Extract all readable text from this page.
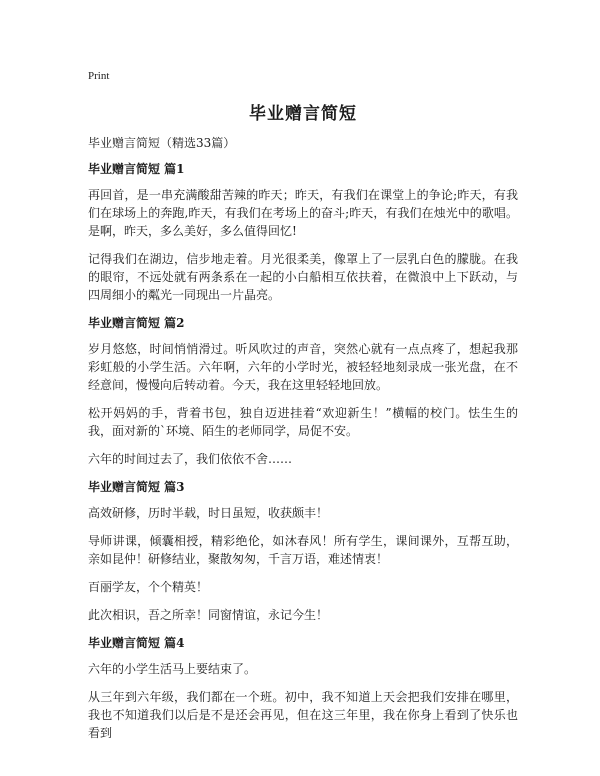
Print
毕业赠言简短

毕业赠言简短（精选33篇）

毕业赠言简短 篇1

再回首，是一串充满酸甜苦辣的昨天；昨天，有我们在课堂上的争论;昨天，有我们在球场上的奔跑,昨天，有我们在考场上的奋斗;昨天，有我们在烛光中的歌唱。是啊，昨天，多么美好，多么值得回忆!

记得我们在湖边，信步地走着。月光很柔美，像罩上了一层乳白色的朦胧。在我的眼帘，不远处就有两条系在一起的小白船相互依扶着，在微浪中上下跃动，与四周细小的粼光一同现出一片晶亮。

毕业赠言简短 篇2

岁月悠悠，时间悄悄滑过。听风吹过的声音，突然心就有一点点疼了，想起我那彩虹般的小学生活。六年啊，六年的小学时光，被轻轻地刻录成一张光盘，在不经意间，慢慢向后转动着。今天，我在这里轻轻地回放。

松开妈妈的手，背着书包，独自迈进挂着“欢迎新生！”横幅的校门。怯生生的我，面对新的`环境、陌生的老师同学，局促不安。

六年的时间过去了，我们依依不舍……

毕业赠言简短 篇3

高效研修，历时半载，时日虽短，收获颇丰！

导师讲课，倾囊相授，精彩绝伦，如沐春风！所有学生，课间课外，互帮互助，亲如昆仲！研修结业，聚散匆匆，千言万语，难述情衷！

百丽学友，个个精英！

此次相识，吾之所幸！同窗情谊，永记今生！

毕业赠言简短 篇4

六年的小学生活马上要结束了。

从三年到六年级，我们都在一个班。初中，我不知道上天会把我们安排在哪里，我也不知道我们以后是不是还会再见，但在这三年里，我在你身上看到了快乐也看到
